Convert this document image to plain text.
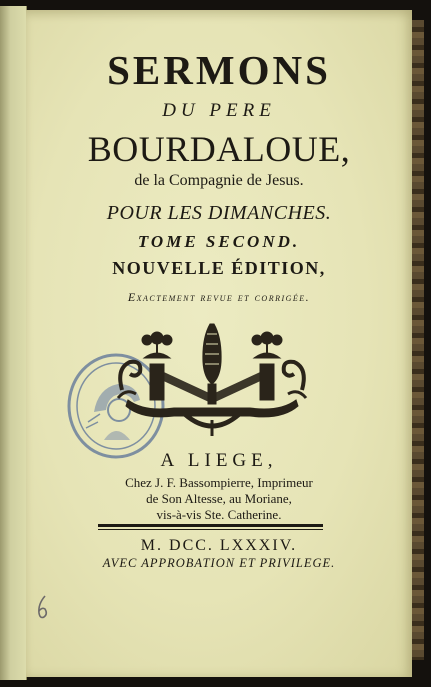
SERMONS

DU PERE

BOURDALOUE,

de la Compagnie de Jesus.

POUR LES DIMANCHES.

TOME SECOND.

NOUVELLE ÉDITION,

Exactement revue et corrigée.

A LIEGE,

Chez J. F. Bassompierre, Imprimeur

de Son Altesse, au Moriane,

vis-à-vis Ste. Catherine.

M. DCC. LXXXIV.

AVEC APPROBATION ET PRIVILEGE.
